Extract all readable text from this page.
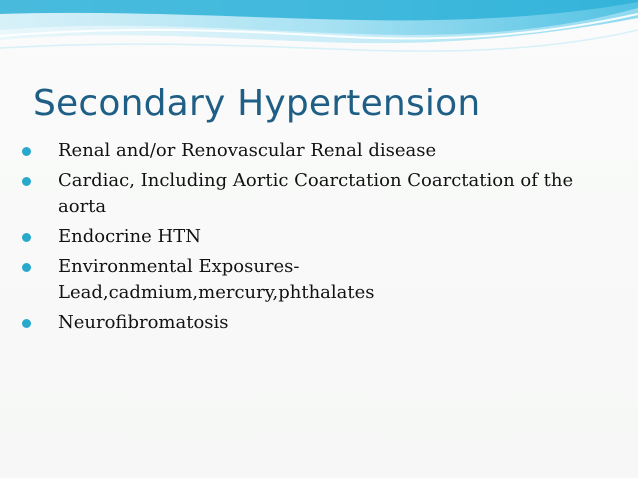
Secondary Hypertension
Renal and/or Renovascular Renal disease
Cardiac, Including Aortic Coarctation Coarctation of the aorta
Endocrine HTN
Environmental Exposures- Lead,cadmium,mercury,phthalates
Neurofibromatosis
